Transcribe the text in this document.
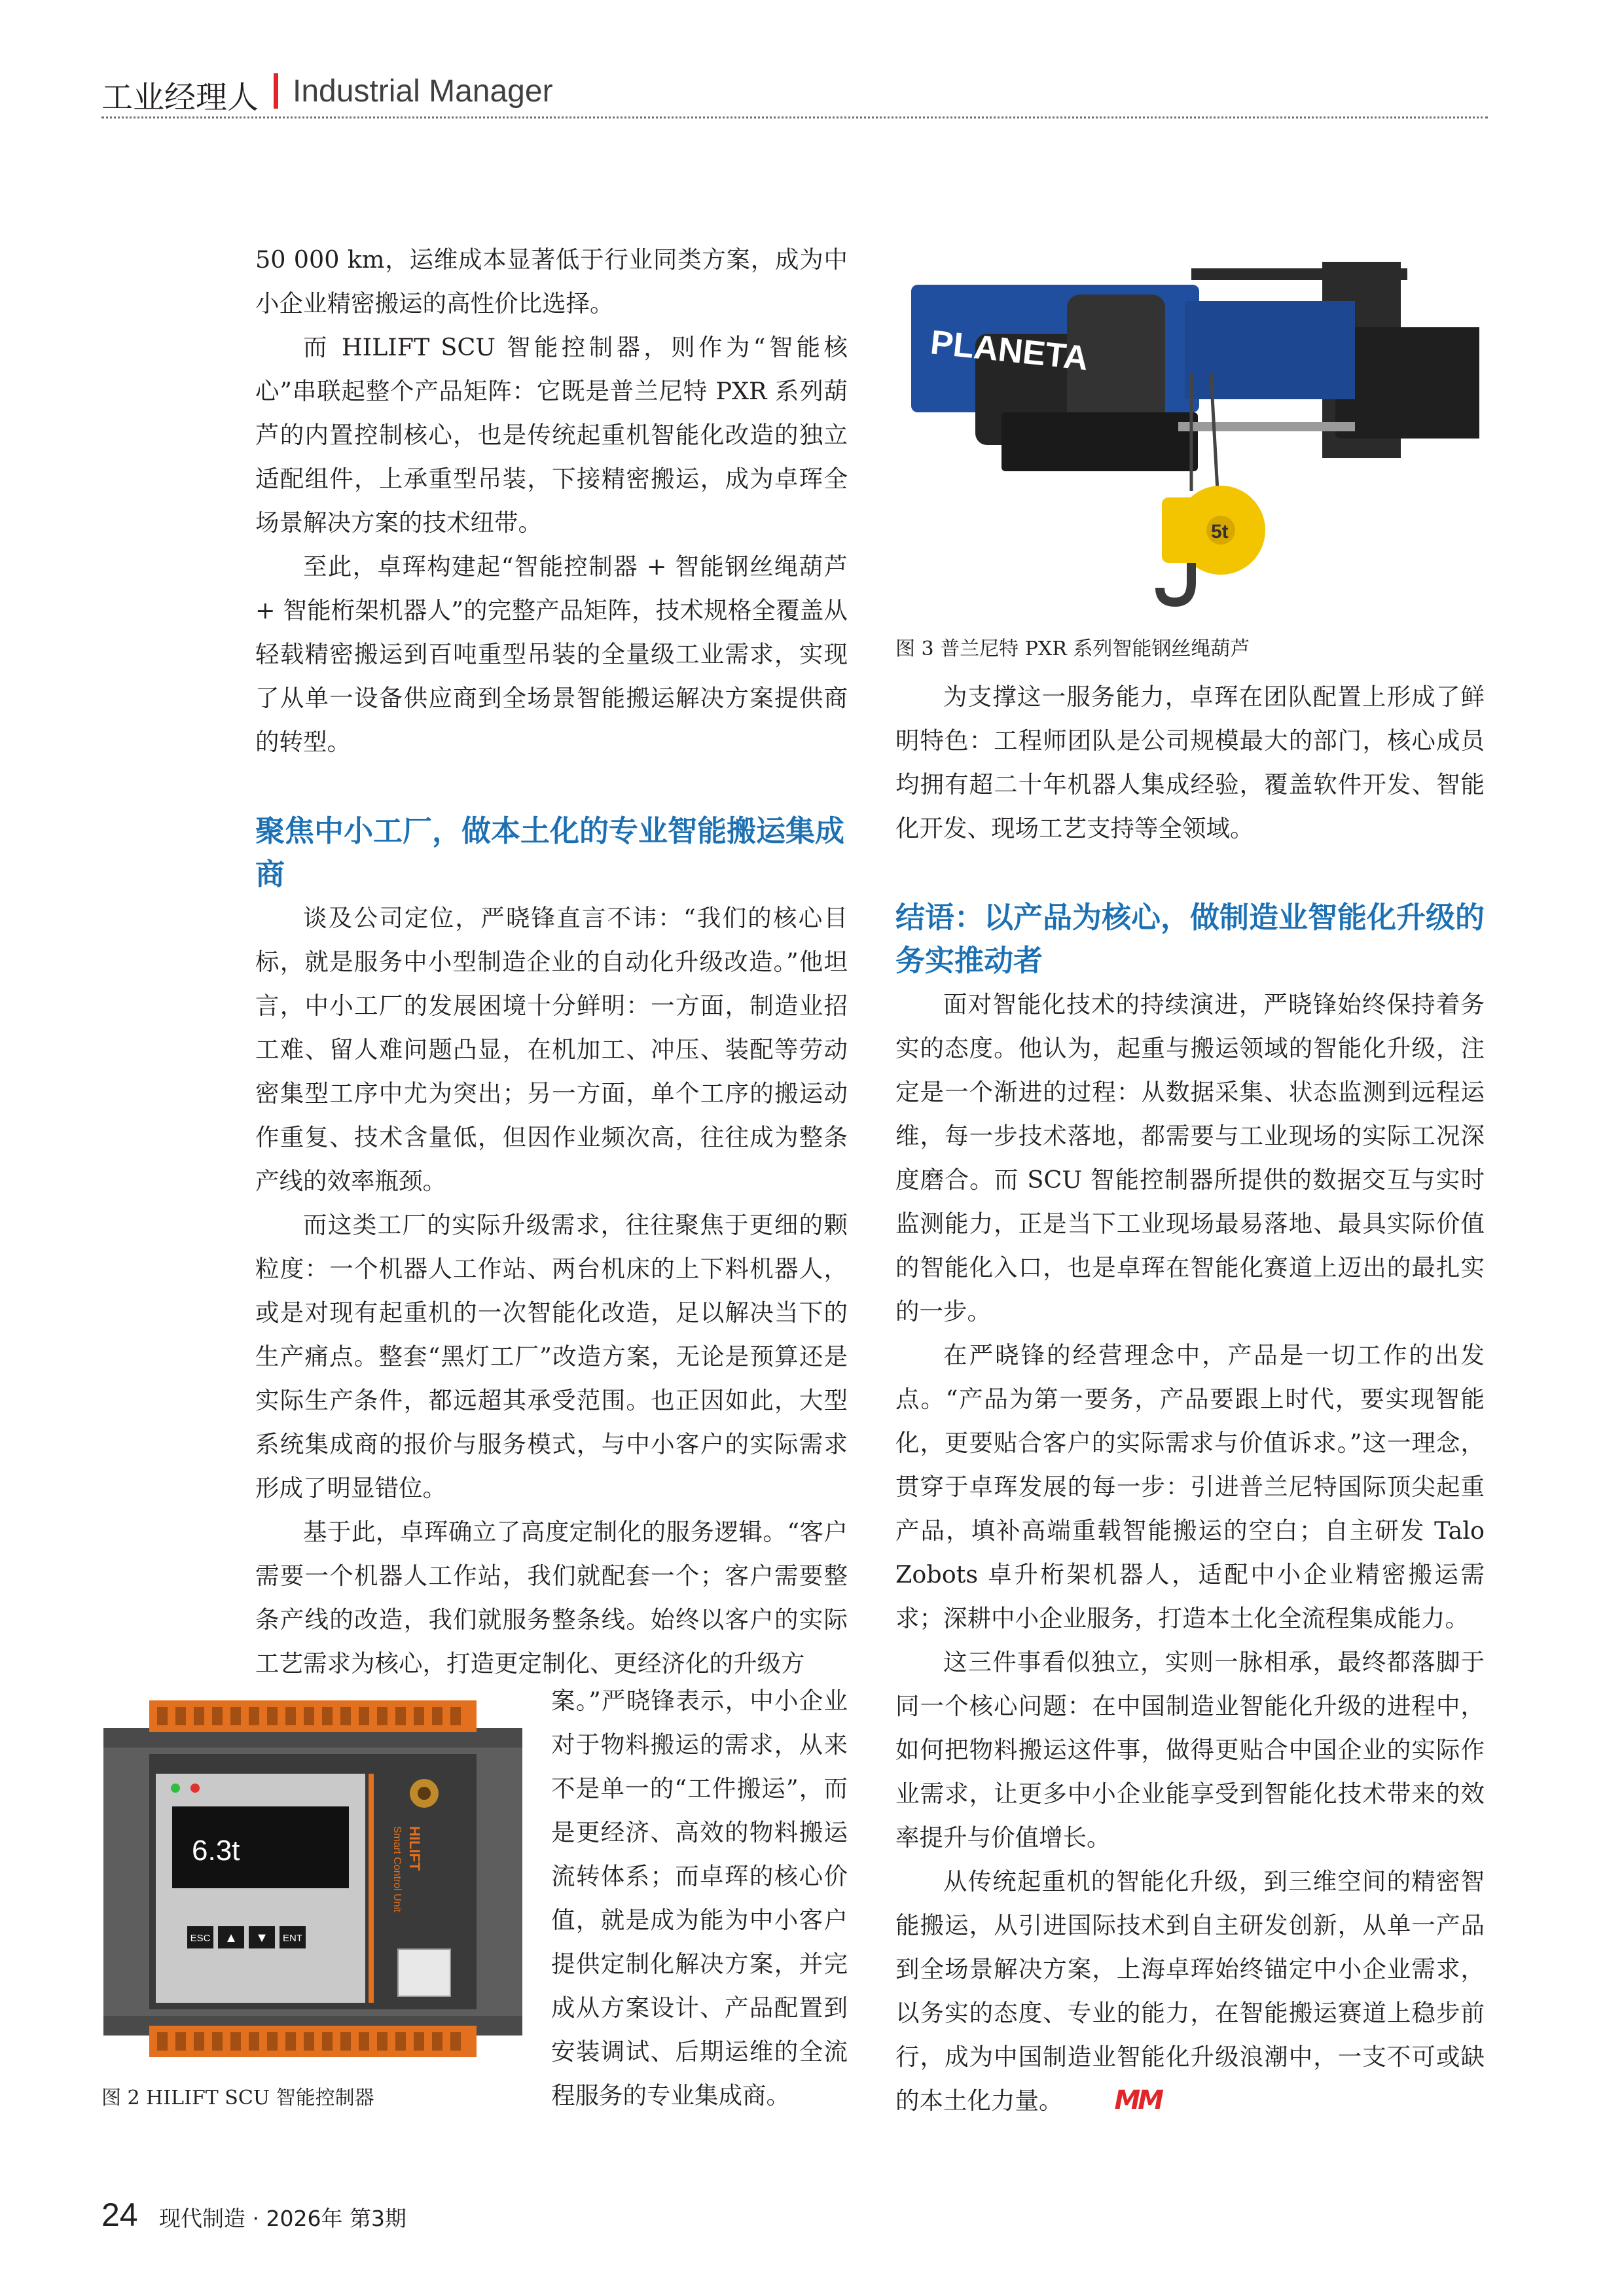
工业经理人 Industrial Manager

50 000 km，运维成本显著低于行业同类方案，成为中小企业精密搬运的高性价比选择。

而 HILIFT SCU 智能控制器，则作为“智能核心”串联起整个产品矩阵：它既是普兰尼特 PXR 系列葫芦的内置控制核心，也是传统起重机智能化改造的独立适配组件，上承重型吊装，下接精密搬运，成为卓珲全场景解决方案的技术纽带。

至此，卓珲构建起“智能控制器 + 智能钢丝绳葫芦 + 智能桁架机器人”的完整产品矩阵，技术规格全覆盖从轻载精密搬运到百吨重型吊装的全量级工业需求，实现了从单一设备供应商到全场景智能搬运解决方案提供商的转型。

聚焦中小工厂，做本土化的专业智能搬运集成商

谈及公司定位，严晓锋直言不讳：“我们的核心目标，就是服务中小型制造企业的自动化升级改造。”他坦言，中小工厂的发展困境十分鲜明：一方面，制造业招工难、留人难问题凸显，在机加工、冲压、装配等劳动密集型工序中尤为突出；另一方面，单个工序的搬运动作重复、技术含量低，但因作业频次高，往往成为整条产线的效率瓶颈。

而这类工厂的实际升级需求，往往聚焦于更细的颗粒度：一个机器人工作站、两台机床的上下料机器人，或是对现有起重机的一次智能化改造，足以解决当下的生产痛点。整套“黑灯工厂”改造方案，无论是预算还是实际生产条件，都远超其承受范围。也正因如此，大型系统集成商的报价与服务模式，与中小客户的实际需求形成了明显错位。

基于此，卓珲确立了高度定制化的服务逻辑。“客户需要一个机器人工作站，我们就配套一个；客户需要整条产线的改造，我们就服务整条线。始终以客户的实际工艺需求为核心，打造更定制化、更经济化的升级方

案。”严晓锋表示，中小企业对于物料搬运的需求，从来不是单一的“工件搬运”，而是更经济、高效的物料搬运流转体系；而卓珲的核心价值，就是成为能为中小客户提供定制化解决方案，并完成从方案设计、产品配置到安装调试、后期运维的全流程服务的专业集成商。

6.3t
ESC ▲ ▼ ENT
HILIFT
Smart Control Unit
PLANETA
5t
图 3 普兰尼特 PXR 系列智能钢丝绳葫芦

为支撑这一服务能力，卓珲在团队配置上形成了鲜明特色：工程师团队是公司规模最大的部门，核心成员均拥有超二十年机器人集成经验，覆盖软件开发、智能化开发、现场工艺支持等全领域。

结语：以产品为核心，做制造业智能化升级的务实推动者

面对智能化技术的持续演进，严晓锋始终保持着务实的态度。他认为，起重与搬运领域的智能化升级，注定是一个渐进的过程：从数据采集、状态监测到远程运维，每一步技术落地，都需要与工业现场的实际工况深度磨合。而 SCU 智能控制器所提供的数据交互与实时监测能力，正是当下工业现场最易落地、最具实际价值的智能化入口，也是卓珲在智能化赛道上迈出的最扎实的一步。

在严晓锋的经营理念中，产品是一切工作的出发点。“产品为第一要务，产品要跟上时代，要实现智能化，更要贴合客户的实际需求与价值诉求。”这一理念，贯穿于卓珲发展的每一步：引进普兰尼特国际顶尖起重产品，填补高端重载智能搬运的空白；自主研发 Talo Zobots 卓升桁架机器人，适配中小企业精密搬运需求；深耕中小企业服务，打造本土化全流程集成能力。

这三件事看似独立，实则一脉相承，最终都落脚于同一个核心问题：在中国制造业智能化升级的进程中，如何把物料搬运这件事，做得更贴合中国企业的实际作业需求，让更多中小企业能享受到智能化技术带来的效率提升与价值增长。

从传统起重机的智能化升级，到三维空间的精密智能搬运，从引进国际技术到自主研发创新，从单一产品到全场景解决方案，上海卓珲始终锚定中小企业需求，以务实的态度、专业的能力，在智能搬运赛道上稳步前行，成为中国制造业智能化升级浪潮中，一支不可或缺的本土化力量。 MM

图 2 HILIFT SCU 智能控制器
24 现代制造 · 2026年 第3期
